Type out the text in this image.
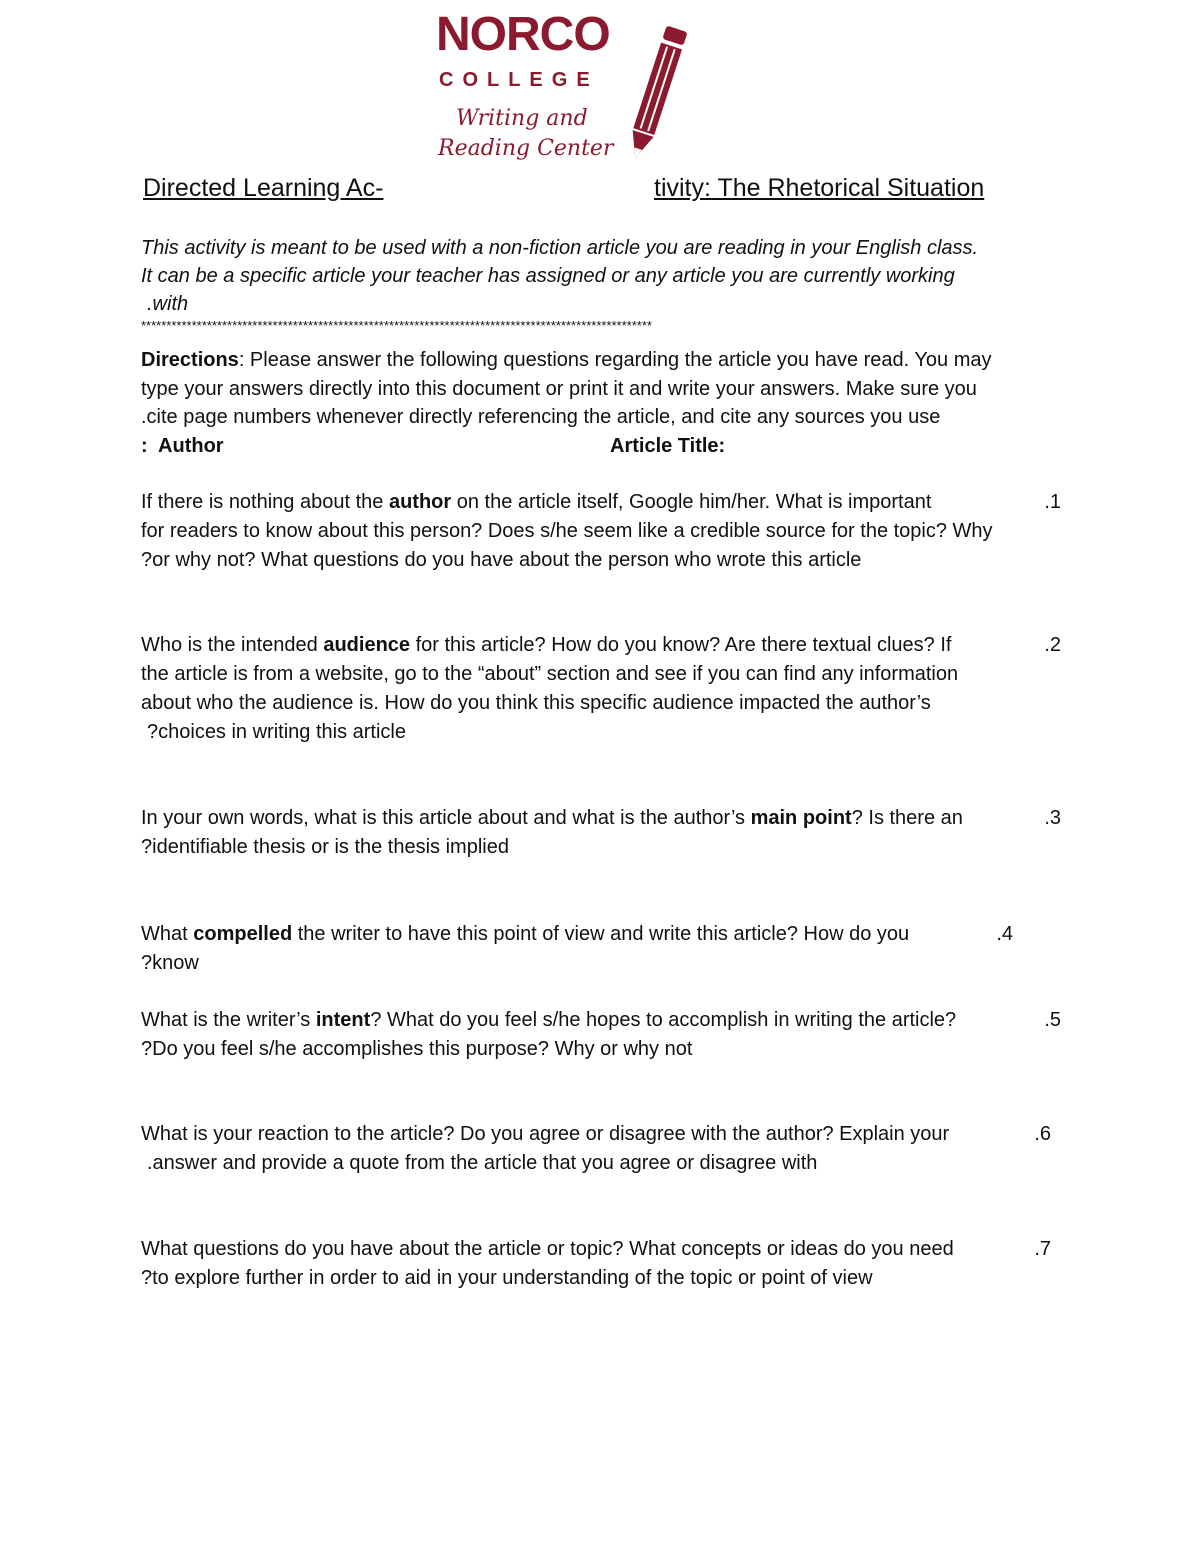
NORCO
COLLEGE
Writing and
Reading Center
Directed Learning Ac-	tivity: The Rhetorical Situation
This activity is meant to be used with a non-fiction article you are reading in your English class.
It can be a specific article your teacher has assigned or any article you are currently working
.with
*****************************************************************************************************
Directions: Please answer the following questions regarding the article you have read. You may
type your answers directly into this document or print it and write your answers. Make sure you
.cite page numbers whenever directly referencing the article, and cite any sources you use
:  Author	Article Title:
If there is nothing about the author on the article itself, Google him/her. What is important	.1
for readers to know about this person? Does s/he seem like a credible source for the topic? Why
?or why not? What questions do you have about the person who wrote this article
Who is the intended audience for this article? How do you know? Are there textual clues? If	.2
the article is from a website, go to the “about” section and see if you can find any information
about who the audience is. How do you think this specific audience impacted the author’s
?choices in writing this article
In your own words, what is this article about and what is the author’s main point? Is there an	.3
?identifiable thesis or is the thesis implied
What compelled the writer to have this point of view and write this article? How do you	.4
?know
What is the writer’s intent? What do you feel s/he hopes to accomplish in writing the article?	.5
?Do you feel s/he accomplishes this purpose? Why or why not
What is your reaction to the article? Do you agree or disagree with the author? Explain your	.6
.answer and provide a quote from the article that you agree or disagree with
What questions do you have about the article or topic? What concepts or ideas do you need	.7
?to explore further in order to aid in your understanding of the topic or point of view
